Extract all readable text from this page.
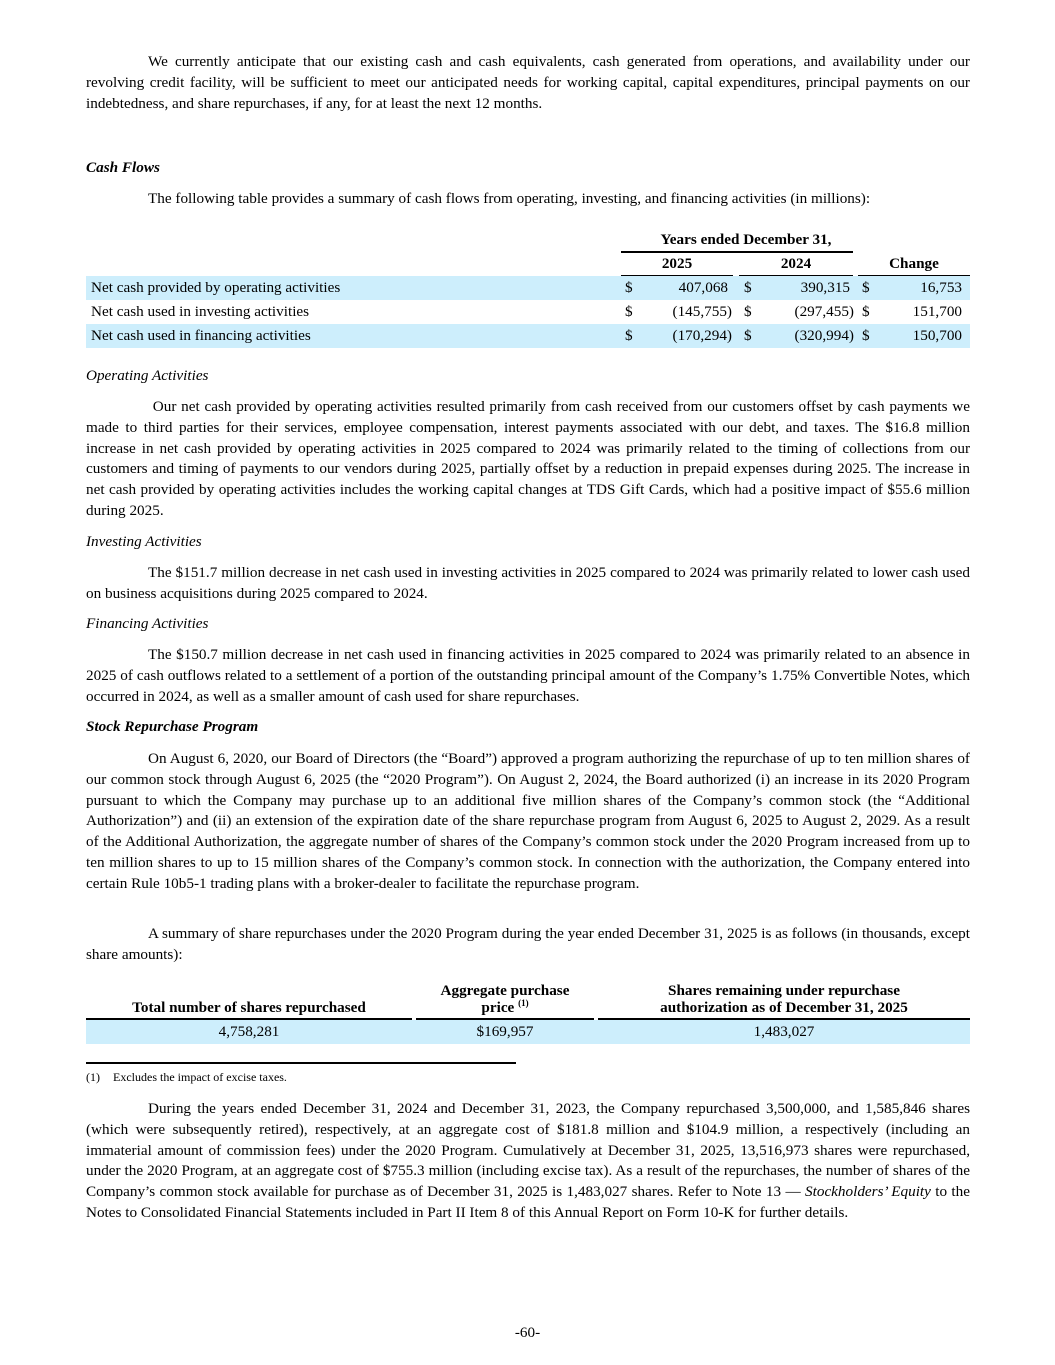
We currently anticipate that our existing cash and cash equivalents, cash generated from operations, and availability under our revolving credit facility, will be sufficient to meet our anticipated needs for working capital, capital expenditures, principal payments on our indebtedness, and share repurchases, if any, for at least the next 12 months.

Cash Flows

The following table provides a summary of cash flows from operating, investing, and financing activities (in millions):

Years ended December 31,
2025	2024	Change
Net cash provided by operating activities	$	407,068 $	390,315 $	16,753
Net cash used in investing activities	$	(145,755) $	(297,455) $	151,700
Net cash used in financing activities	$	(170,294) $	(320,994) $	150,700
Operating Activities

Our net cash provided by operating activities resulted primarily from cash received from our customers offset by cash payments we made to third parties for their services, employee compensation, interest payments associated with our debt, and taxes. The $16.8 million increase in net cash provided by operating activities in 2025 compared to 2024 was primarily related to the timing of collections from our customers and timing of payments to our vendors during 2025, partially offset by a reduction in prepaid expenses during 2025. The increase in net cash provided by operating activities includes the working capital changes at TDS Gift Cards, which had a positive impact of $55.6 million during 2025.

Investing Activities

The $151.7 million decrease in net cash used in investing activities in 2025 compared to 2024 was primarily related to lower cash used on business acquisitions during 2025 compared to 2024.

Financing Activities

The $150.7 million decrease in net cash used in financing activities in 2025 compared to 2024 was primarily related to an absence in 2025 of cash outflows related to a settlement of a portion of the outstanding principal amount of the Company’s 1.75% Convertible Notes, which occurred in 2024, as well as a smaller amount of cash used for share repurchases.

Stock Repurchase Program

On August 6, 2020, our Board of Directors (the “Board”) approved a program authorizing the repurchase of up to ten million shares of our common stock through August 6, 2025 (the “2020 Program”). On August 2, 2024, the Board authorized (i) an increase in its 2020 Program pursuant to which the Company may purchase up to an additional five million shares of the Company’s common stock (the “Additional Authorization”) and (ii) an extension of the expiration date of the share repurchase program from August 6, 2025 to August 2, 2029. As a result of the Additional Authorization, the aggregate number of shares of the Company’s common stock under the 2020 Program increased from up to ten million shares to up to 15 million shares of the Company’s common stock. In connection with the authorization, the Company entered into certain Rule 10b5-1 trading plans with a broker-dealer to facilitate the repurchase program.

A summary of share repurchases under the 2020 Program during the year ended December 31, 2025 is as follows (in thousands, except share amounts):

Total number of shares repurchased
Aggregate purchase
price $^{(1)}$
Shares remaining under repurchase
authorization as of December 31, 2025
4,758,281	$169,957	1,483,027
(1) Excludes the impact of excise taxes.

During the years ended December 31, 2024 and December 31, 2023, the Company repurchased 3,500,000, and 1,585,846 shares (which were subsequently retired), respectively, at an aggregate cost of $181.8 million and $104.9 million, a respectively (including an immaterial amount of commission fees) under the 2020 Program. Cumulatively at December 31, 2025, 13,516,973 shares were repurchased, under the 2020 Program, at an aggregate cost of $755.3 million (including excise tax). As a result of the repurchases, the number of shares of the Company’s common stock available for purchase as of December 31, 2025 is 1,483,027 shares. Refer to Note 13 — Stockholders’ Equity to the Notes to Consolidated Financial Statements included in Part II Item 8 of this Annual Report on Form 10-K for further details.

-60-
